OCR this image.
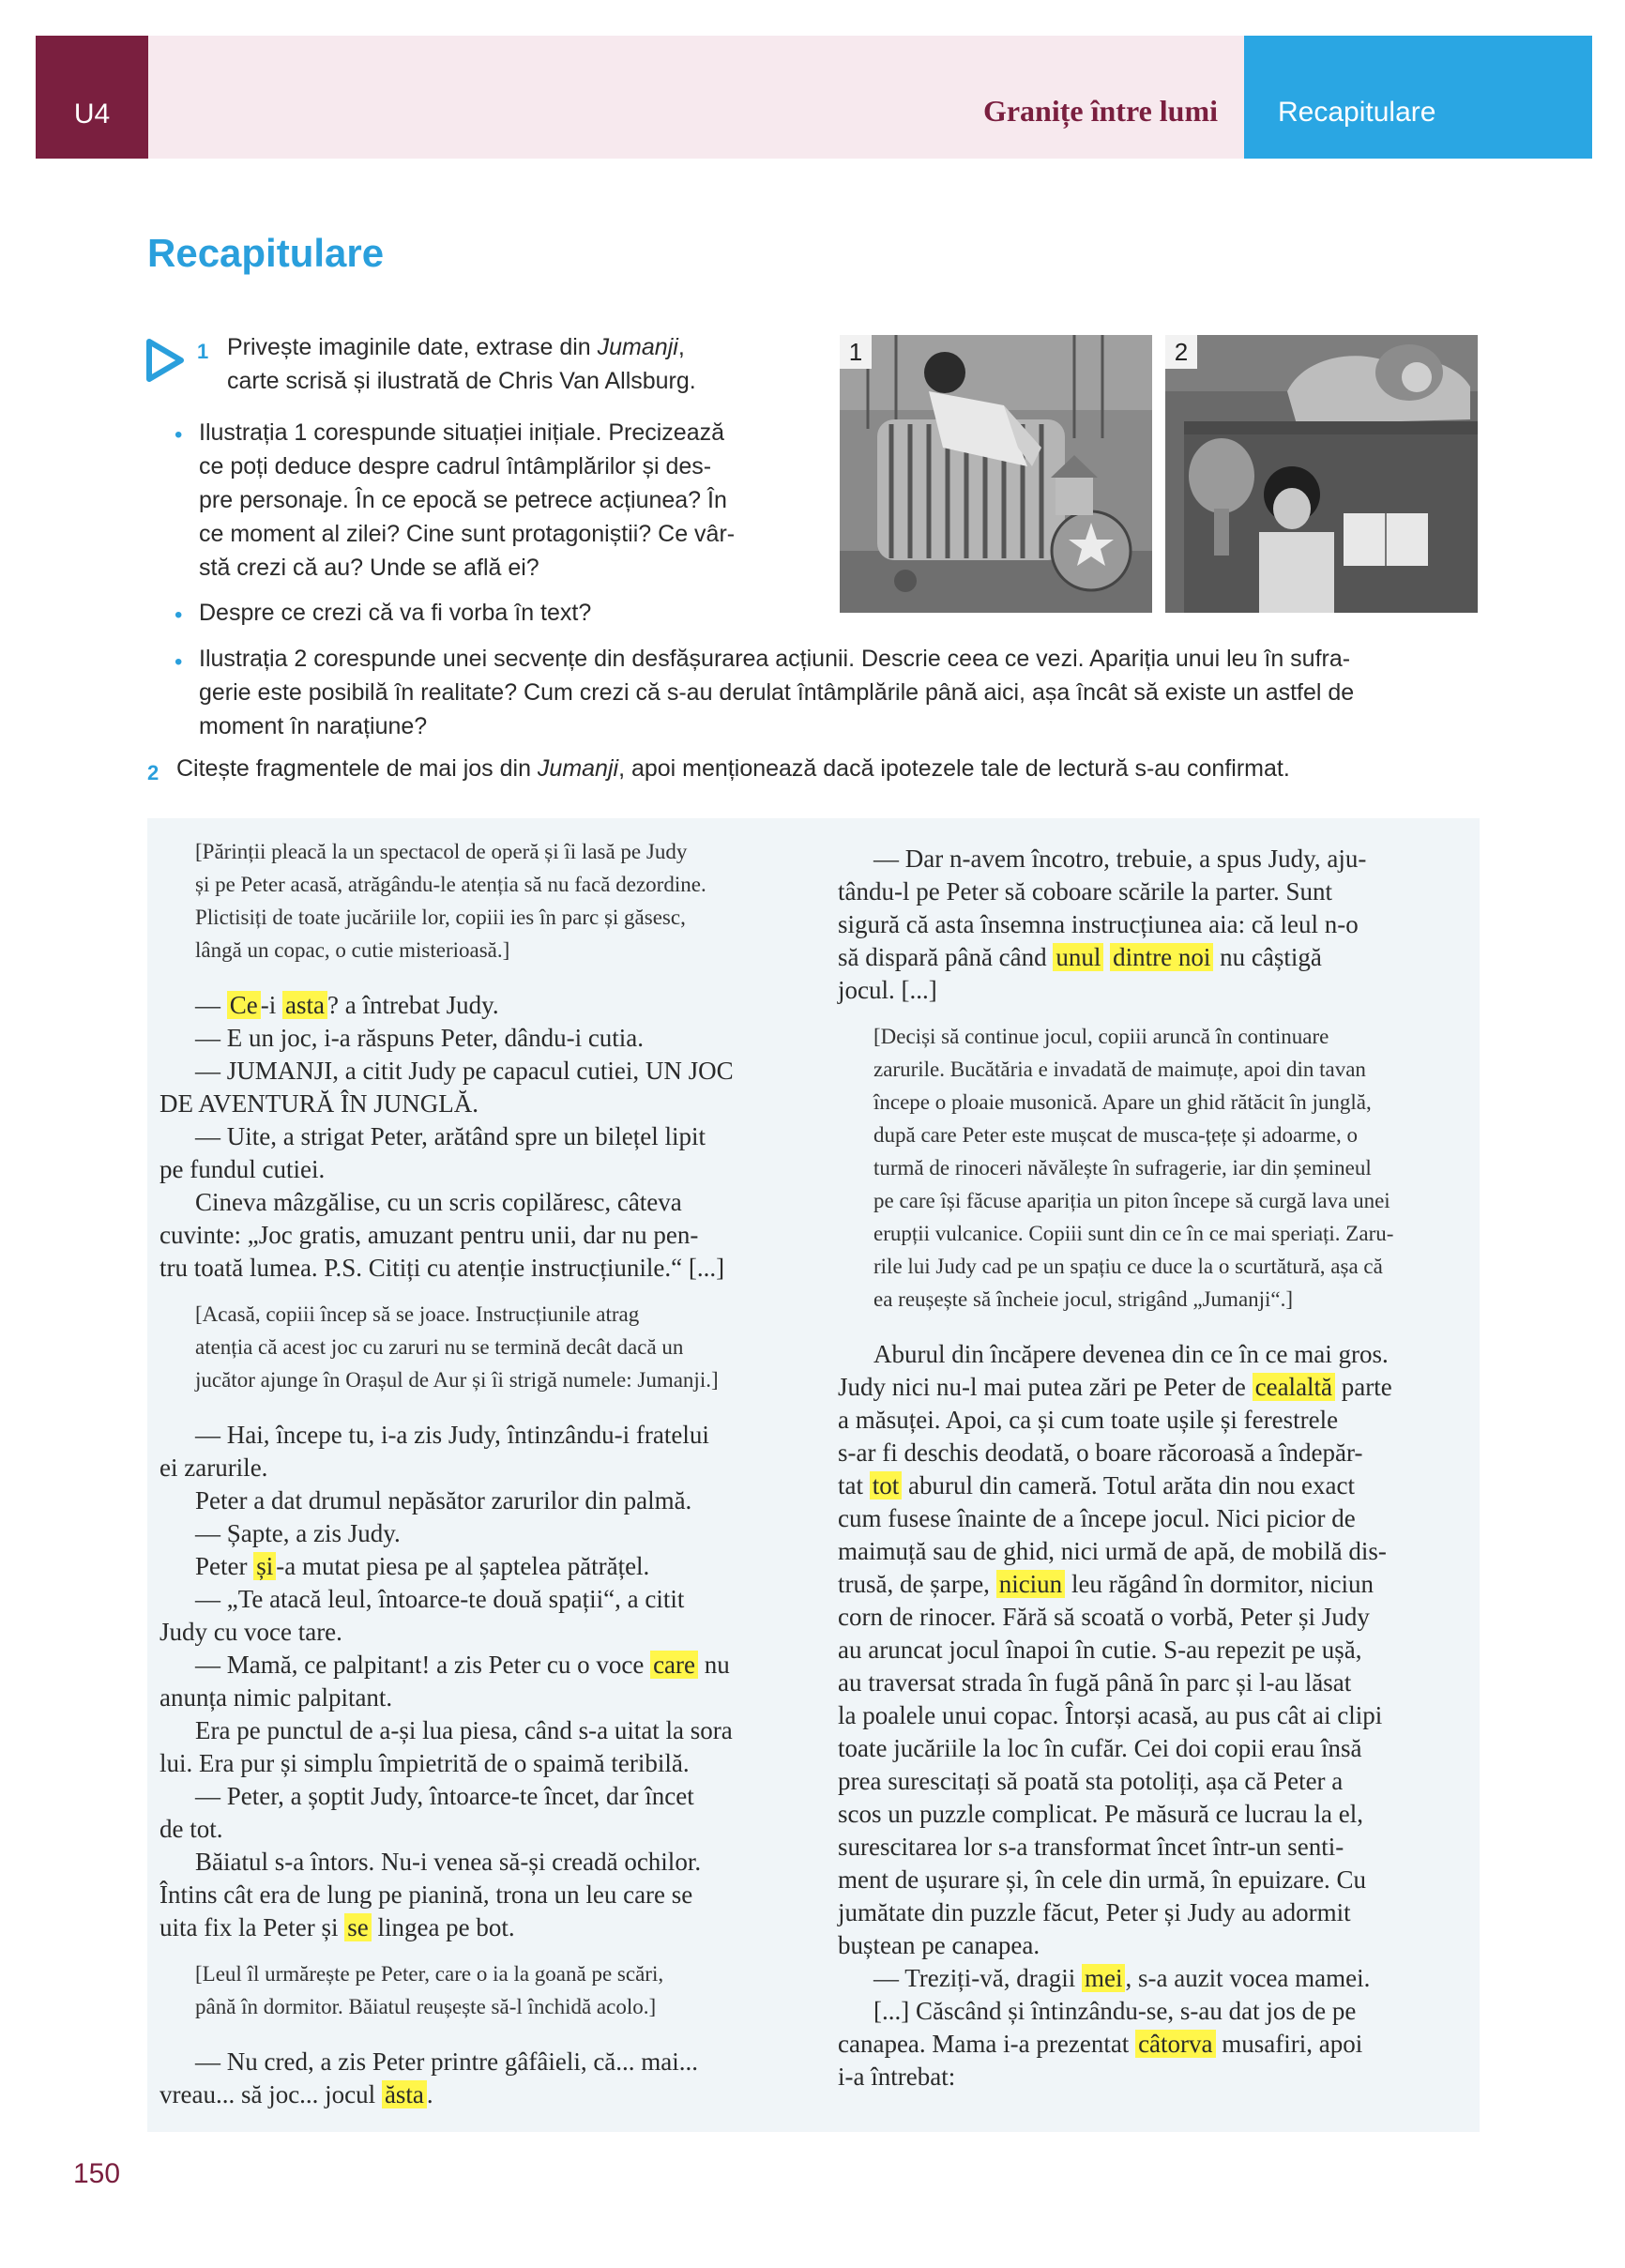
U4	Granițe între lumi Recapitulare
Recapitulare
1 Privește imaginile date, extrase din Jumanji,
carte scrisă și ilustrată de Chris Van Allsburg.
• Ilustrația 1 corespunde situației inițiale. Precizează
ce poți deduce despre cadrul întâmplărilor și des-
pre personaje. În ce epocă se petrece acțiunea? În
ce moment al zilei? Cine sunt protagoniștii? Ce vâr-
stă crezi că au? Unde se află ei?
• Despre ce crezi că va fi vorba în text?
• Ilustrația 2 corespunde unei secvențe din desfășurarea acțiunii. Descrie ceea ce vezi. Apariția unui leu în sufra-
gerie este posibilă în realitate? Cum crezi că s-au derulat întâmplările până aici, așa încât să existe un astfel de
moment în narațiune?
1	2
2 Citește fragmentele de mai jos din Jumanji, apoi menționează dacă ipotezele tale de lectură s-au confirmat.

[Părinții pleacă la un spectacol de operă și îi lasă pe Judy

și pe Peter acasă, atrăgându-le atenția să nu facă dezordine.

Plictisiți de toate jucăriile lor, copiii ies în parc și găsesc,

lângă un copac, o cutie misterioasă.]

— Ce -i asta ? a întrebat Judy.

— E un joc, i-a răspuns Peter, dându-i cutia.

— JUMANJI, a citit Judy pe capacul cutiei, UN JOC

DE AVENTURĂ ÎN JUNGLĂ.

— Uite, a strigat Peter, arătând spre un bilețel lipit

pe fundul cutiei.

Cineva mâzgălise, cu un scris copilăresc, câteva

cuvinte: „Joc gratis, amuzant pentru unii, dar nu pen-

tru toată lumea. P.S. Citiți cu atenție instrucțiunile.“ [...]

[Acasă, copiii încep să se joace. Instrucțiunile atrag

atenția că acest joc cu zaruri nu se termină decât dacă un

jucător ajunge în Orașul de Aur și îi strigă numele: Jumanji.]

— Hai, începe tu, i-a zis Judy, întinzându-i fratelui

ei zarurile.

Peter a dat drumul nepăsător zarurilor din palmă.

— Șapte, a zis Judy.

Peter și -a mutat piesa pe al șaptelea pătrățel.

— „Te atacă leul, întoarce-te două spații“, a citit

Judy cu voce tare.

— Mamă, ce palpitant! a zis Peter cu o voce care nu

anunța nimic palpitant.

Era pe punctul de a-și lua piesa, când s-a uitat la sora

lui. Era pur și simplu împietrită de o spaimă teribilă.

— Peter, a șoptit Judy, întoarce-te încet, dar încet

de tot.

Băiatul s-a întors. Nu-i venea să-și creadă ochilor.

Întins cât era de lung pe pianină, trona un leu care se

uita fix la Peter și se lingea pe bot.

[Leul îl urmărește pe Peter, care o ia la goană pe scări,

până în dormitor. Băiatul reușește să-l închidă acolo.]

— Nu cred, a zis Peter printre gâfâieli, că... mai...

vreau... să joc... jocul ăsta .

— Dar n-avem încotro, trebuie, a spus Judy, aju-

tându-l pe Peter să coboare scările la parter. Sunt

sigură că asta însemna instrucțiunea aia: că leul n-o

să dispară până când unul dintre noi nu câștigă

jocul. [...]

[Deciși să continue jocul, copiii aruncă în continuare

zarurile. Bucătăria e invadată de maimuțe, apoi din tavan

începe o ploaie musonică. Apare un ghid rătăcit în junglă,

după care Peter este mușcat de musca-țețe și adoarme, o

turmă de rinoceri năvălește în sufragerie, iar din șemineul

pe care își făcuse apariția un piton începe să curgă lava unei

erupții vulcanice. Copiii sunt din ce în ce mai speriați. Zaru-

rile lui Judy cad pe un spațiu ce duce la o scurtătură, așa că

ea reușește să încheie jocul, strigând „Jumanji“.]

Aburul din încăpere devenea din ce în ce mai gros.

Judy nici nu-l mai putea zări pe Peter de cealaltă parte

a măsuței. Apoi, ca și cum toate ușile și ferestrele

s-ar fi deschis deodată, o boare răcoroasă a îndepăr-

tat tot aburul din cameră. Totul arăta din nou exact

cum fusese înainte de a începe jocul. Nici picior de

maimuță sau de ghid, nici urmă de apă, de mobilă dis-

trusă, de șarpe, niciun leu răgând în dormitor, niciun

corn de rinocer. Fără să scoată o vorbă, Peter și Judy

au aruncat jocul înapoi în cutie. S-au repezit pe ușă,

au traversat strada în fugă până în parc și l-au lăsat

la poalele unui copac. Întorși acasă, au pus cât ai clipi

toate jucăriile la loc în cufăr. Cei doi copii erau însă

prea surescitați să poată sta potoliți, așa că Peter a

scos un puzzle complicat. Pe măsură ce lucrau la el,

surescitarea lor s-a transformat încet într-un senti-

ment de ușurare și, în cele din urmă, în epuizare. Cu

jumătate din puzzle făcut, Peter și Judy au adormit

buștean pe canapea.

— Treziți-vă, dragii mei , s-a auzit vocea mamei.

[...] Căscând și întinzându-se, s-au dat jos de pe

canapea. Mama i-a prezentat câtorva musafiri, apoi

i-a întrebat:

150
